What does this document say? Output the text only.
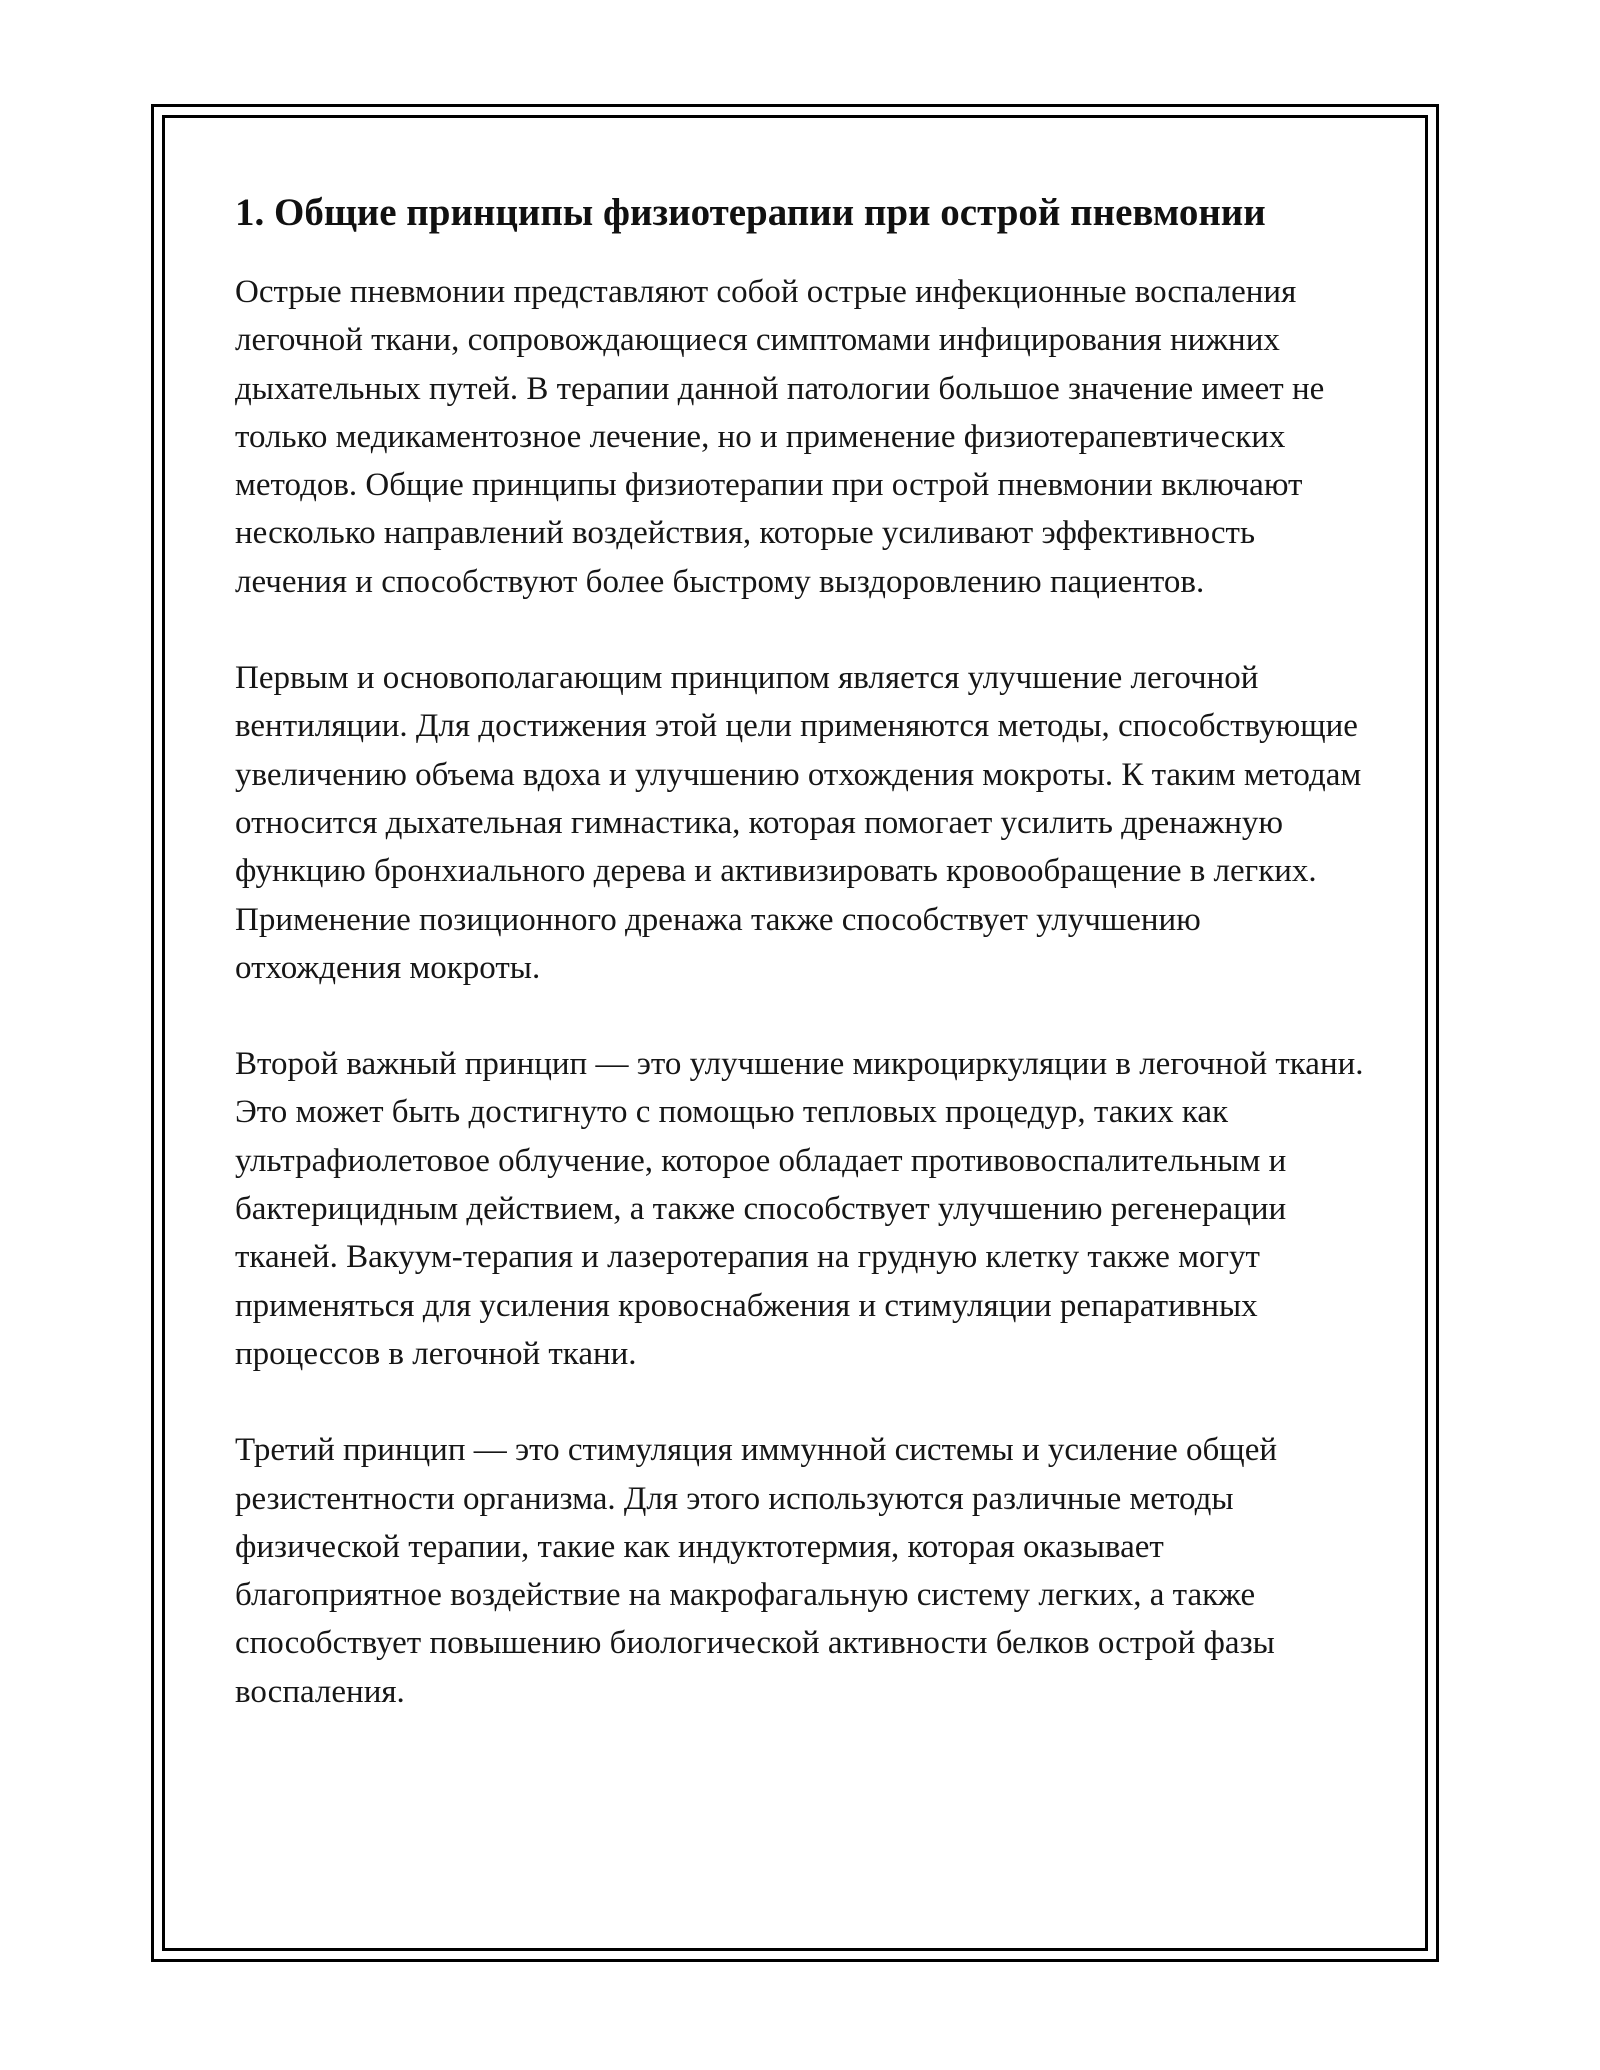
1. Общие принципы физиотерапии при острой пневмонии

Острые пневмонии представляют собой острые инфекционные воспаления легочной ткани, сопровождающиеся симптомами инфицирования нижних дыхательных путей. В терапии данной патологии большое значение имеет не только медикаментозное лечение, но и применение физиотерапевтических методов. Общие принципы физиотерапии при острой пневмонии включают несколько направлений воздействия, которые усиливают эффективность лечения и способствуют более быстрому выздоровлению пациентов.

Первым и основополагающим принципом является улучшение легочной вентиляции. Для достижения этой цели применяются методы, способствующие увеличению объема вдоха и улучшению отхождения мокроты. К таким методам относится дыхательная гимнастика, которая помогает усилить дренажную функцию бронхиального дерева и активизировать кровообращение в легких. Применение позиционного дренажа также способствует улучшению отхождения мокроты.

Второй важный принцип — это улучшение микроциркуляции в легочной ткани. Это может быть достигнуто с помощью тепловых процедур, таких как ультрафиолетовое облучение, которое обладает противовоспалительным и бактерицидным действием, а также способствует улучшению регенерации тканей. Вакуум-терапия и лазеротерапия на грудную клетку также могут применяться для усиления кровоснабжения и стимуляции репаративных процессов в легочной ткани.

Третий принцип — это стимуляция иммунной системы и усиление общей резистентности организма. Для этого используются различные методы физической терапии, такие как индуктотермия, которая оказывает благоприятное воздействие на макрофагальную систему легких, а также способствует повышению биологической активности белков острой фазы воспаления.
